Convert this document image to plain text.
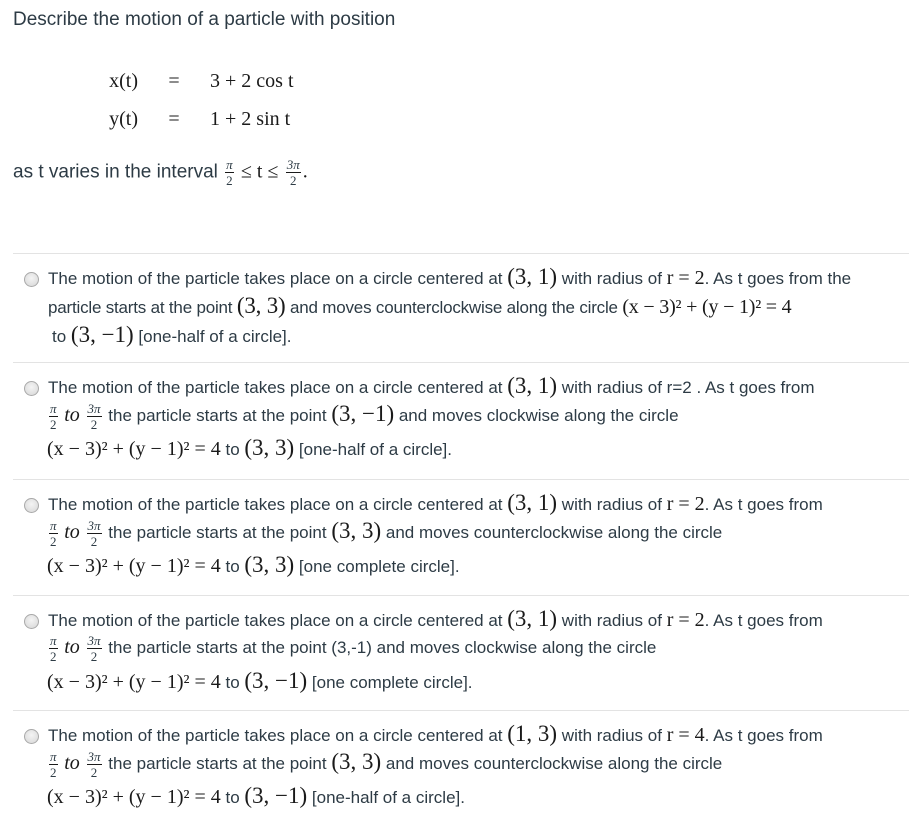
Describe the motion of a particle with position
x(t)	=	3 + 2 cos t
y(t)	=	1 + 2 sin t
as t varies in the interval $\frac{\pi}{2} \le t \le \frac{3\pi}{2}$ .
The motion of the particle takes place on a circle centered at (3, 1) with radius of r = 2. As t goes from the
particle starts at the point (3, 3) and moves counterclockwise along the circle (x − 3)² + (y − 1)² = 4
to (3, −1) [one-half of a circle].
The motion of the particle takes place on a circle centered at (3, 1) with radius of r=2 . As t goes from
$\frac{\pi}{2}$ to $\frac{3\pi}{2}$ the particle starts at the point (3, −1) and moves clockwise along the circle
(x − 3)² + (y − 1)² = 4 to (3, 3) [one-half of a circle].
The motion of the particle takes place on a circle centered at (3, 1) with radius of r = 2. As t goes from
$\frac{\pi}{2}$ to $\frac{3\pi}{2}$ the particle starts at the point (3, 3) and moves counterclockwise along the circle
(x − 3)² + (y − 1)² = 4 to (3, 3) [one complete circle].
The motion of the particle takes place on a circle centered at (3, 1) with radius of r = 2. As t goes from
$\frac{\pi}{2}$ to $\frac{3\pi}{2}$ the particle starts at the point (3,-1) and moves clockwise along the circle
(x − 3)² + (y − 1)² = 4 to (3, −1) [one complete circle].
The motion of the particle takes place on a circle centered at (1, 3) with radius of r = 4. As t goes from
$\frac{\pi}{2}$ to $\frac{3\pi}{2}$ the particle starts at the point (3, 3) and moves counterclockwise along the circle
(x − 3)² + (y − 1)² = 4 to (3, −1) [one-half of a circle].
